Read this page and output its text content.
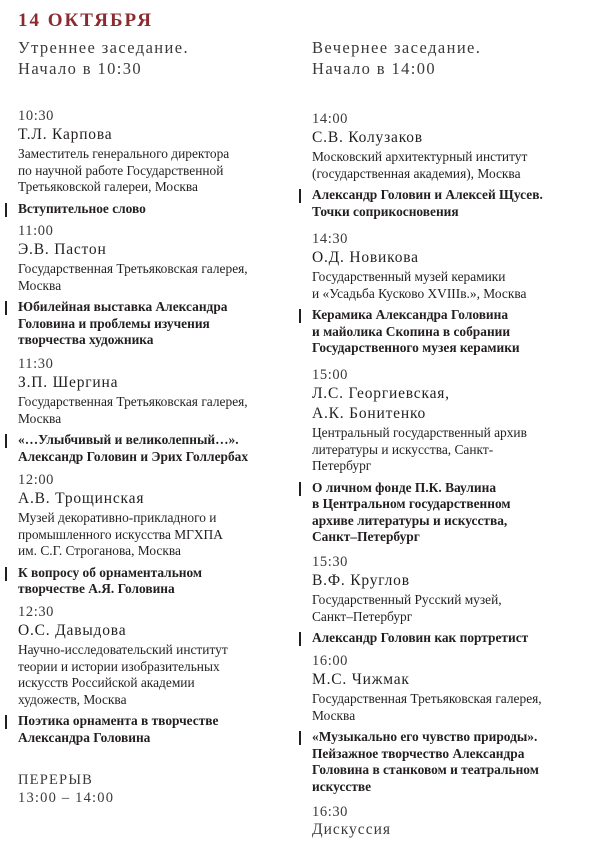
14 ОКТЯБРЯ
Утреннее заседание.
Начало в 10:30
10:30
Т.Л. Карпова
Заместитель генерального директора
по научной работе Государственной
Третьяковской галереи, Москва
Вступительное слово
11:00
Э.В. Пастон
Государственная Третьяковская галерея,
Москва
Юбилейная выставка Александра
Головина и проблемы изучения
творчества художника
11:30
З.П. Шергина
Государственная Третьяковская галерея,
Москва
«…Улыбчивый и великолепный…».
Александр Головин и Эрих Голлербах
12:00
А.В. Трощинская
Музей декоративно-прикладного и
промышленного искусства МГХПА
им. С.Г. Строганова, Москва
К вопросу об орнаментальном
творчестве А.Я. Головина
12:30
О.С. Давыдова
Научно-исследовательский институт
теории и истории изобразительных
искусств Российской академии
художеств, Москва
Поэтика орнамента в творчестве
Александра Головина
ПЕРЕРЫВ
13:00 – 14:00
Вечернее заседание.
Начало в 14:00
14:00
С.В. Колузаков
Московский архитектурный институт
(государственная академия), Москва
Александр Головин и Алексей Щусев.
Точки соприкосновения
14:30
О.Д. Новикова
Государственный музей керамики
и «Усадьба Кусково XVIIIв.», Москва
Керамика Александра Головина
и майолика Скопина в собрании
Государственного музея керамики
15:00
Л.С. Георгиевская,
А.К. Бонитенко
Центральный государственный архив
литературы и искусства, Санкт-
Петербург
О личном фонде П.К. Ваулина
в Центральном государственном
архиве литературы и искусства,
Санкт–Петербург
15:30
В.Ф. Круглов
Государственный Русский музей,
Санкт–Петербург
Александр Головин как портретист
16:00
М.С. Чижмак
Государственная Третьяковская галерея,
Москва
«Музыкально его чувство природы».
Пейзажное творчество Александра
Головина в станковом и театральном
искусстве
16:30
Дискуссия
